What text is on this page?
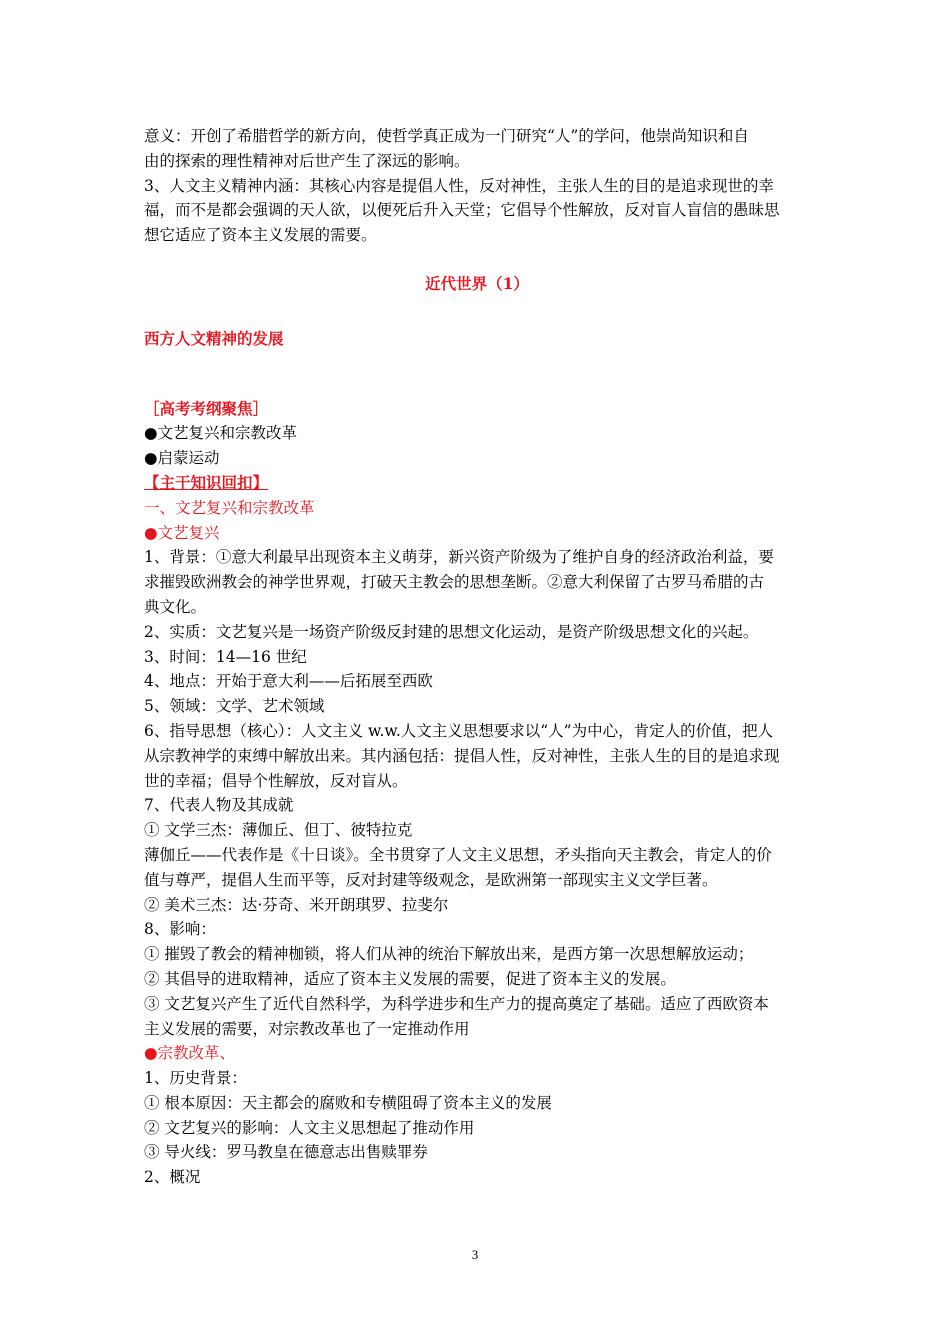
意义：开创了希腊哲学的新方向，使哲学真正成为一门研究“人”的学问，他崇尚知识和自
由的探索的理性精神对后世产生了深远的影响。
3、人文主义精神内涵：其核心内容是提倡人性，反对神性，主张人生的目的是追求现世的幸
福，而不是都会强调的天人欲，以便死后升入天堂；它倡导个性解放，反对盲人盲信的愚昧思
想它适应了资本主义发展的需要。
近代世界（1）
西方人文精神的发展
［高考考纲聚焦］
●文艺复兴和宗教改革
●启蒙运动
【主干知识回扣】
一、文艺复兴和宗教改革
●文艺复兴
1、背景：①意大利最早出现资本主义萌芽，新兴资产阶级为了维护自身的经济政治利益，要
求摧毁欧洲教会的神学世界观，打破天主教会的思想垄断。②意大利保留了古罗马希腊的古
典文化。
2、实质：文艺复兴是一场资产阶级反封建的思想文化运动，是资产阶级思想文化的兴起。
3、时间：14—16 世纪
4、地点：开始于意大利——后拓展至西欧
5、领域：文学、艺术领域
6、指导思想（核心）：人文主义 w.w.人文主义思想要求以“人”为中心，肯定人的价值，把人
从宗教神学的束缚中解放出来。其内涵包括：提倡人性，反对神性，主张人生的目的是追求现
世的幸福；倡导个性解放，反对盲从。
7、代表人物及其成就
① 文学三杰：薄伽丘、但丁、彼特拉克
薄伽丘——代表作是《十日谈》。全书贯穿了人文主义思想，矛头指向天主教会，肯定人的价
值与尊严，提倡人生而平等，反对封建等级观念，是欧洲第一部现实主义文学巨著。
② 美术三杰：达·芬奇、米开朗琪罗、拉斐尔
8、影响：
① 摧毁了教会的精神枷锁，将人们从神的统治下解放出来，是西方第一次思想解放运动；
② 其倡导的进取精神，适应了资本主义发展的需要，促进了资本主义的发展。
③ 文艺复兴产生了近代自然科学，为科学进步和生产力的提高奠定了基础。适应了西欧资本
主义发展的需要，对宗教改革也了一定推动作用
●宗教改革、
1、历史背景：
① 根本原因：天主都会的腐败和专横阻碍了资本主义的发展
② 文艺复兴的影响：人文主义思想起了推动作用
③ 导火线：罗马教皇在德意志出售赎罪券
2、概况
3
